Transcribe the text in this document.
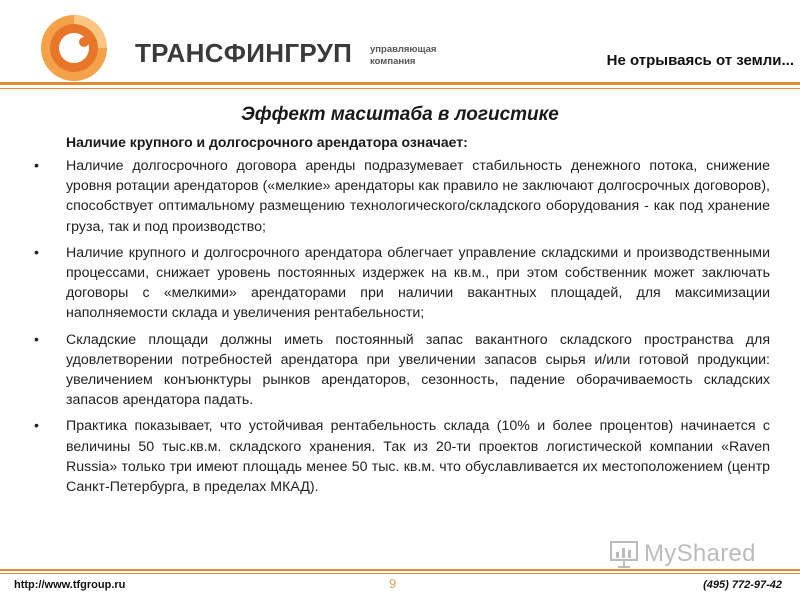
ТРАНСФИНГРУП управляющая
компания	Не отрываясь от земли...
Эффект масштаба в логистике
Наличие крупного и долгосрочного арендатора означает:
• Наличие долгосрочного договора аренды подразумевает стабильность денежного потока, снижение уровня ротации арендаторов («мелкие» арендаторы как правило не заключают долгосрочных договоров), способствует оптимальному размещению технологического/складского оборудования - как под хранение груза, так и под производство;
• Наличие крупного и долгосрочного арендатора облегчает управление складскими и производственными процессами, снижает уровень постоянных издержек на кв.м., при этом собственник может заключать договоры с «мелкими» арендаторами при наличии вакантных площадей, для максимизации наполняемости склада и увеличения рентабельности;
• Складские площади должны иметь постоянный запас вакантного складского пространства для удовлетворении потребностей арендатора при увеличении запасов сырья и/или готовой продукции: увеличением конъюнктуры рынков арендаторов, сезонность, падение оборачиваемость складских запасов арендатора падать.
• Практика показывает, что устойчивая рентабельность склада (10% и более процентов) начинается с величины 50 тыс.кв.м. складского хранения. Так из 20-ти проектов логистической компании «Raven Russia» только три имеют площадь менее 50 тыс. кв.м. что обуславливается их местоположением (центр Санкт-Петербурга, в пределах МКАД).
MyShared
http://www.tfgroup.ru	9	(495) 772-97-42
